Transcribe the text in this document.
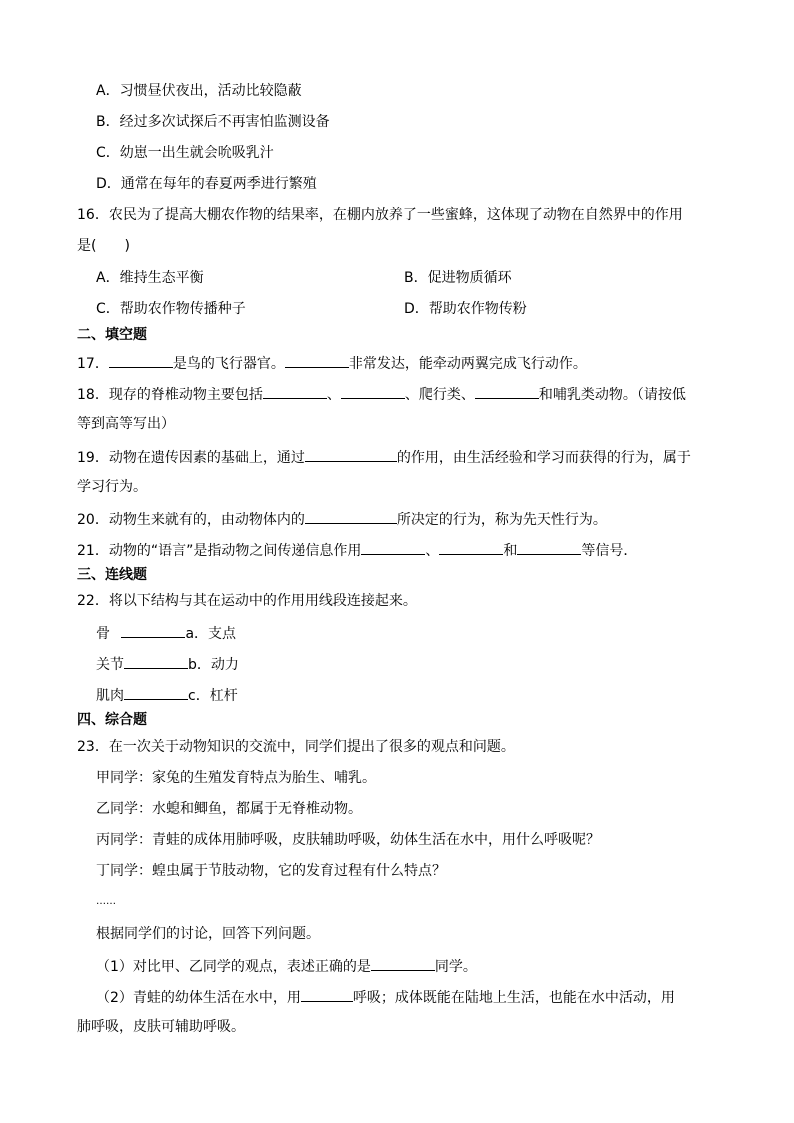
A．习惯昼伏夜出，活动比较隐蔽
B．经过多次试探后不再害怕监测设备
C．幼崽一出生就会吮吸乳汁
D．通常在每年的春夏两季进行繁殖
16．农民为了提高大棚农作物的结果率，在棚内放养了一些蜜蜂，这体现了动物在自然界中的作用
是( )
A．维持生态平衡	B．促进物质循环
C．帮助农作物传播种子	D．帮助农作物传粉
二、填空题
17．	是鸟的飞行器官。	非常发达，能牵动两翼完成飞行动作。
18．现存的脊椎动物主要包括	、	、爬行类、	和哺乳类动物。（请按低
等到高等写出）
19．动物在遗传因素的基础上，通过	的作用，由生活经验和学习而获得的行为，属于
学习行为。
20．动物生来就有的，由动物体内的	所决定的行为，称为先天性行为。
21．动物的“语言”是指动物之间传递信息作用	、	和	等信号．
三、连线题
22．将以下结构与其在运动中的作用用线段连接起来。
骨	a．支点
关节	b．动力
肌肉	c．杠杆
四、综合题
23．在一次关于动物知识的交流中，同学们提出了很多的观点和问题。
甲同学：家兔的生殖发育特点为胎生、哺乳。
乙同学：水螅和鲫鱼，都属于无脊椎动物。
丙同学：青蛙的成体用肺呼吸，皮肤辅助呼吸，幼体生活在水中，用什么呼吸呢？
丁同学：蝗虫属于节肢动物，它的发育过程有什么特点？
……
根据同学们的讨论，回答下列问题。
（1）对比甲、乙同学的观点，表述正确的是	同学。
（2）青蛙的幼体生活在水中，用	呼吸；成体既能在陆地上生活，也能在水中活动，用
肺呼吸，皮肤可辅助呼吸。
